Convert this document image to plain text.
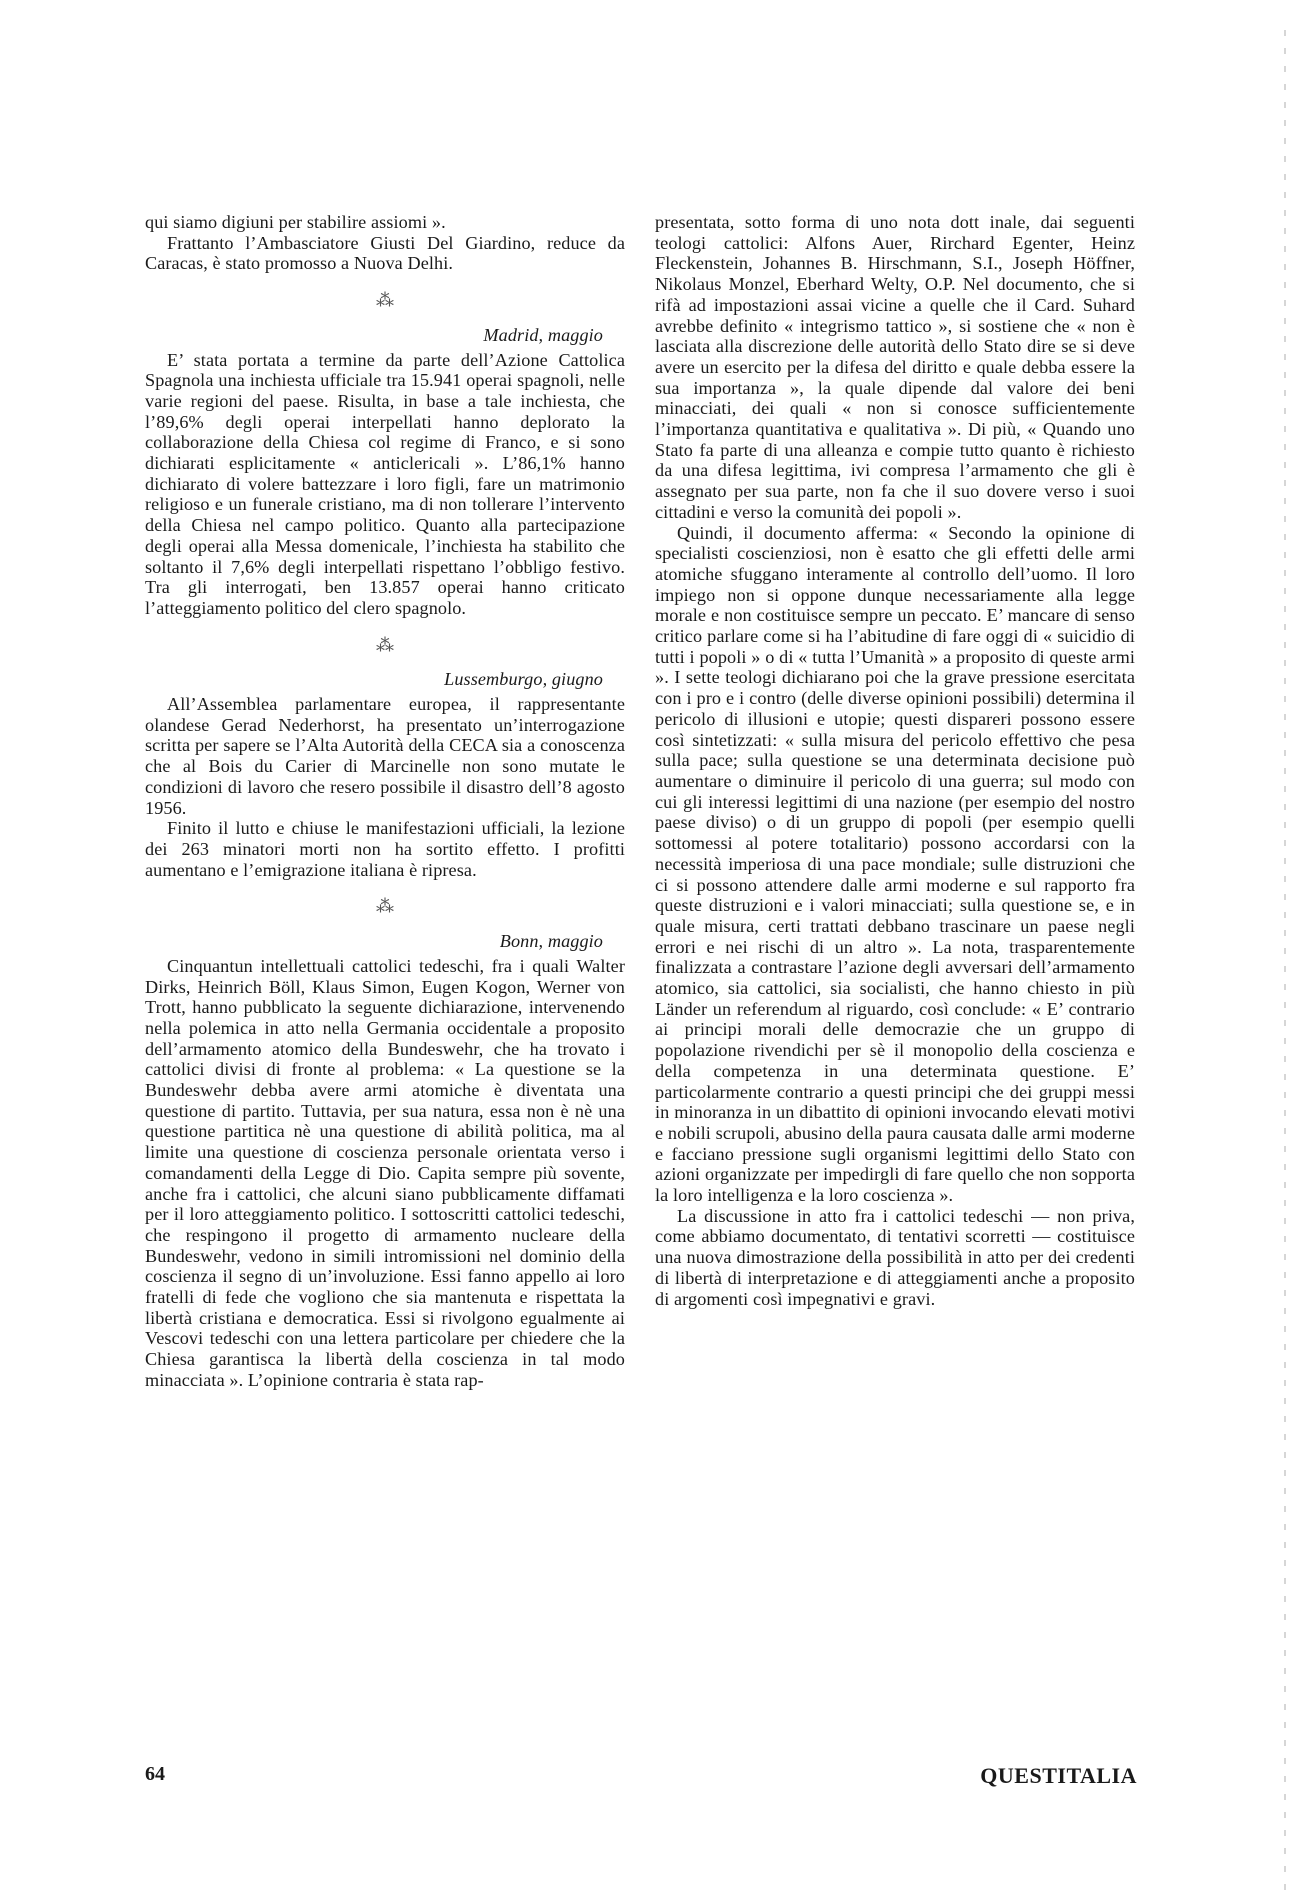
qui siamo digiuni per stabilire assiomi ».

Frattanto l’Ambasciatore Giusti Del Giardino, reduce da Caracas, è stato promosso a Nuova Delhi.

⁂
Madrid, maggio

E’ stata portata a termine da parte dell’Azione Cattolica Spagnola una inchiesta ufficiale tra 15.941 operai spagnoli, nelle varie regioni del paese. Risulta, in base a tale inchiesta, che l’89,6% degli operai interpellati hanno deplorato la collaborazione della Chiesa col regime di Franco, e si sono dichiarati esplicitamente « anticlericali ». L’86,1% hanno dichiarato di volere battezzare i loro figli, fare un matrimonio religioso e un funerale cristiano, ma di non tollerare l’intervento della Chiesa nel campo politico. Quanto alla partecipazione degli operai alla Messa domenicale, l’inchiesta ha stabilito che soltanto il 7,6% degli interpellati rispettano l’obbligo festivo. Tra gli interrogati, ben 13.857 operai hanno criticato l’atteggiamento politico del clero spagnolo.

⁂
Lussemburgo, giugno

All’Assemblea parlamentare europea, il rappresentante olandese Gerad Nederhorst, ha presentato un’interrogazione scritta per sapere se l’Alta Autorità della CECA sia a conoscenza che al Bois du Carier di Marcinelle non sono mutate le condizioni di lavoro che resero possibile il disastro dell’8 agosto 1956.

Finito il lutto e chiuse le manifestazioni ufficiali, la lezione dei 263 minatori morti non ha sortito effetto. I profitti aumentano e l’emigrazione italiana è ripresa.

⁂
Bonn, maggio

Cinquantun intellettuali cattolici tedeschi, fra i quali Walter Dirks, Heinrich Böll, Klaus Simon, Eugen Kogon, Werner von Trott, hanno pubblicato la seguente dichiarazione, intervenendo nella polemica in atto nella Germania occidentale a proposito dell’armamento atomico della Bundeswehr, che ha trovato i cattolici divisi di fronte al problema: « La questione se la Bundeswehr debba avere armi atomiche è diventata una questione di partito. Tuttavia, per sua natura, essa non è nè una questione partitica nè una questione di abilità politica, ma al limite una questione di coscienza personale orientata verso i comandamenti della Legge di Dio. Capita sempre più sovente, anche fra i cattolici, che alcuni siano pubblicamente diffamati per il loro atteggiamento politico. I sottoscritti cattolici tedeschi, che respingono il progetto di armamento nucleare della Bundeswehr, vedono in simili intromissioni nel dominio della coscienza il segno di un’involuzione. Essi fanno appello ai loro fratelli di fede che vogliono che sia mantenuta e rispettata la libertà cristiana e democratica. Essi si rivolgono egualmente ai Vescovi tedeschi con una lettera particolare per chiedere che la Chiesa garantisca la libertà della coscienza in tal modo minacciata ». L’opinione contraria è stata rap-

presentata, sotto forma di uno nota dott inale, dai seguenti teologi cattolici: Alfons Auer, Rirchard Egenter, Heinz Fleckenstein, Johannes B. Hirschmann, S.I., Joseph Höffner, Nikolaus Monzel, Eberhard Welty, O.P. Nel documento, che si rifà ad impostazioni assai vicine a quelle che il Card. Suhard avrebbe definito « integrismo tattico », si sostiene che « non è lasciata alla discrezione delle autorità dello Stato dire se si deve avere un esercito per la difesa del diritto e quale debba essere la sua importanza », la quale dipende dal valore dei beni minacciati, dei quali « non si conosce sufficientemente l’importanza quantitativa e qualitativa ». Di più, « Quando uno Stato fa parte di una alleanza e compie tutto quanto è richiesto da una difesa legittima, ivi compresa l’armamento che gli è assegnato per sua parte, non fa che il suo dovere verso i suoi cittadini e verso la comunità dei popoli ».

Quindi, il documento afferma: « Secondo la opinione di specialisti coscienziosi, non è esatto che gli effetti delle armi atomiche sfuggano interamente al controllo dell’uomo. Il loro impiego non si oppone dunque necessariamente alla legge morale e non costituisce sempre un peccato. E’ mancare di senso critico parlare come si ha l’abitudine di fare oggi di « suicidio di tutti i popoli » o di « tutta l’Umanità » a proposito di queste armi ». I sette teologi dichiarano poi che la grave pressione esercitata con i pro e i contro (delle diverse opinioni possibili) determina il pericolo di illusioni e utopie; questi dispareri possono essere così sintetizzati: « sulla misura del pericolo effettivo che pesa sulla pace; sulla questione se una determinata decisione può aumentare o diminuire il pericolo di una guerra; sul modo con cui gli interessi legittimi di una nazione (per esempio del nostro paese diviso) o di un gruppo di popoli (per esempio quelli sottomessi al potere totalitario) possono accordarsi con la necessità imperiosa di una pace mondiale; sulle distruzioni che ci si possono attendere dalle armi moderne e sul rapporto fra queste distruzioni e i valori minacciati; sulla questione se, e in quale misura, certi trattati debbano trascinare un paese negli errori e nei rischi di un altro ». La nota, trasparentemente finalizzata a contrastare l’azione degli avversari dell’armamento atomico, sia cattolici, sia socialisti, che hanno chiesto in più Länder un referendum al riguardo, così conclude: « E’ contrario ai principi morali delle democrazie che un gruppo di popolazione rivendichi per sè il monopolio della coscienza e della competenza in una determinata questione. E’ particolarmente contrario a questi principi che dei gruppi messi in minoranza in un dibattito di opinioni invocando elevati motivi e nobili scrupoli, abusino della paura causata dalle armi moderne e facciano pressione sugli organismi legittimi dello Stato con azioni organizzate per impedirgli di fare quello che non sopporta la loro intelligenza e la loro coscienza ».

La discussione in atto fra i cattolici tedeschi — non priva, come abbiamo documentato, di tentativi scorretti — costituisce una nuova dimostrazione della possibilità in atto per dei credenti di libertà di interpretazione e di atteggiamenti anche a proposito di argomenti così impegnativi e gravi.

64	QUESTITALIA
